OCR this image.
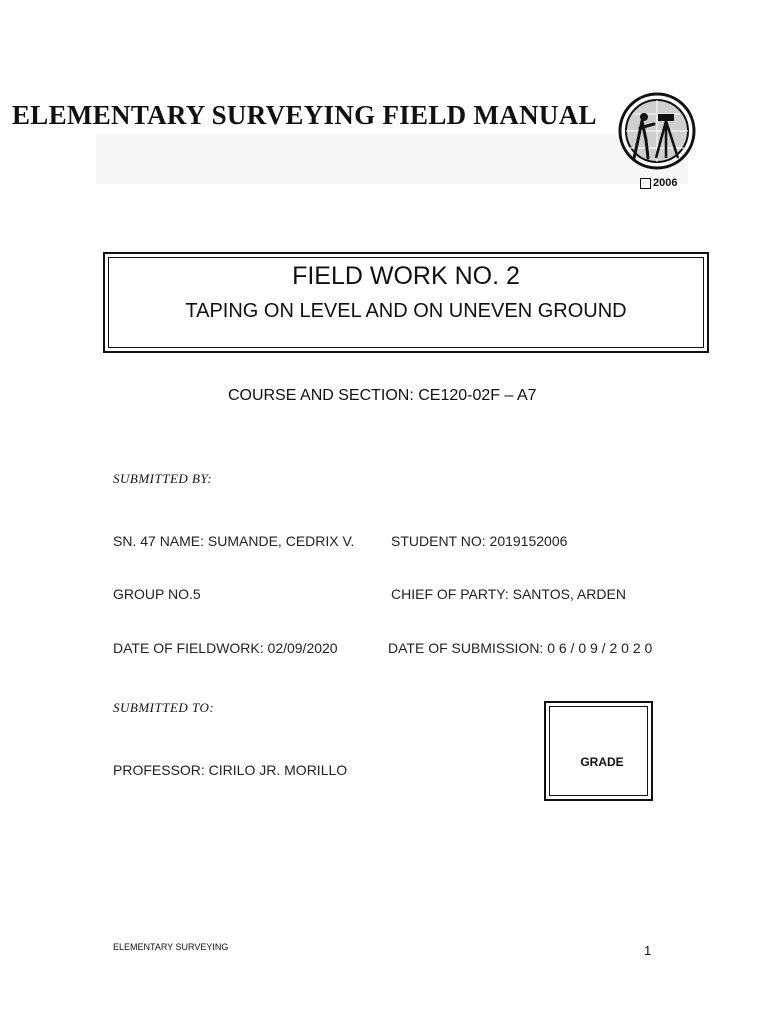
ELEMENTARY SURVEYING FIELD MANUAL
2006
FIELD WORK NO. 2
TAPING ON LEVEL AND ON UNEVEN GROUND
COURSE AND SECTION: CE120-02F – A7
SUBMITTED BY:
SN. 47 NAME: SUMANDE, CEDRIX V.	STUDENT NO: 2019152006
GROUP NO.5	CHIEF OF PARTY: SANTOS, ARDEN
DATE OF FIELDWORK: 02/09/2020	DATE OF SUBMISSION: 0 6 / 0 9 / 2 0 2 0
SUBMITTED TO:
PROFESSOR: CIRILO JR. MORILLO	GRADE
ELEMENTARY SURVEYING	1
